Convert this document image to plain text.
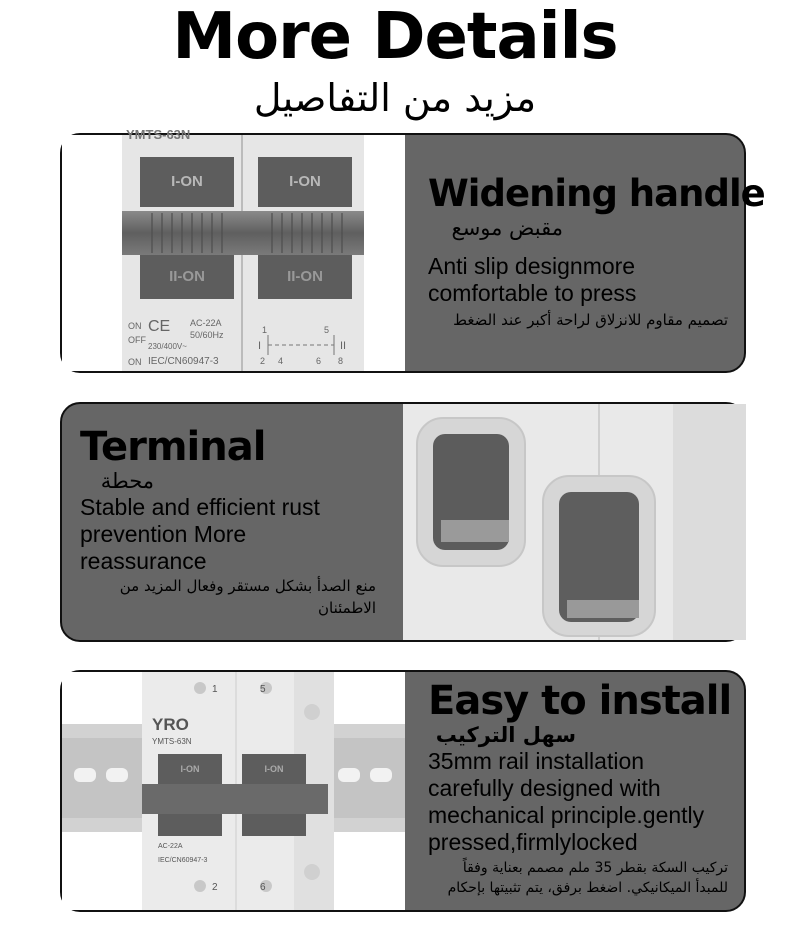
More Details
مزيد من التفاصيل
YMTS-63N
I-ON	I-ON
II-ON	II-ON
ON
OFF
ON
CE AC-22A
50/60Hz
230/400V~
IEC/CN60947-3
1	5
I	II
2 4	6 8
Widening handle
مقبض موسع
Anti slip designmore comfortable to press
تصميم مقاوم للانزلاق لراحة أكبر عند الضغط
Terminal
محطة
Stable and efficient rust prevention More reassurance
منع الصدأ بشكل مستقر وفعال المزيد من الاطمئنان
1	5
YRO
YMTS-63N
I-ON	I-ON
AC-22A
IEC/CN60947-3
2	6
Easy to install
سهل التركيب
35mm rail installation carefully designed with mechanical principle.gently pressed,firmlylocked
تركيب السكة بقطر 35 ملم مصمم بعناية وفقاً للمبدأ الميكانيكي. اضغط برفق، يتم تثبيتها بإحكام
